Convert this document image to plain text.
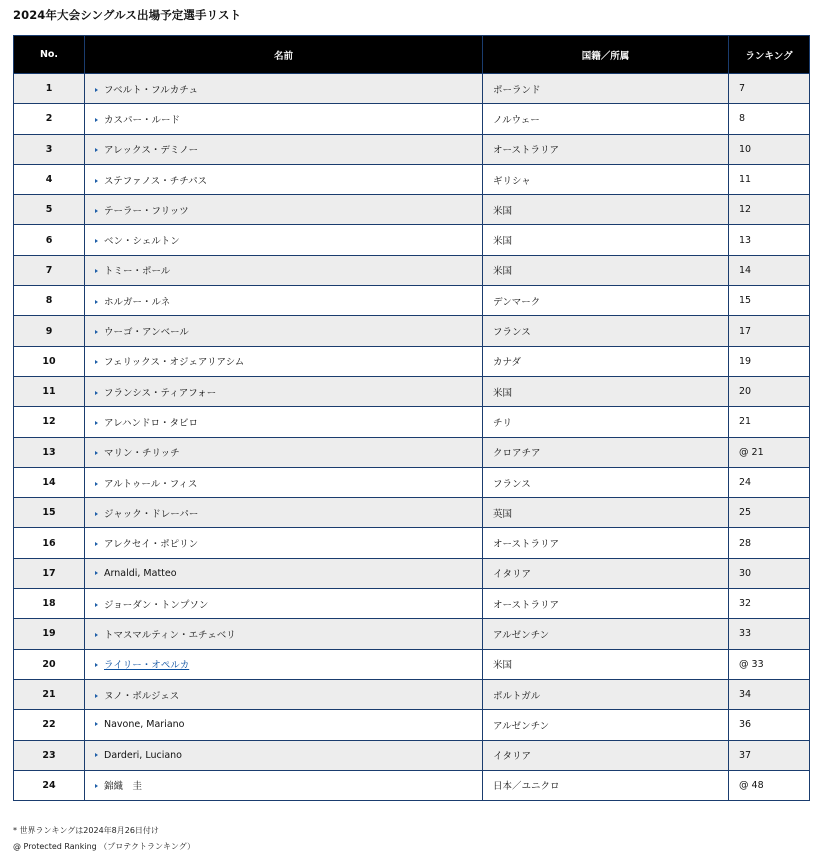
2024年大会シングルス出場予定選手リスト
No.	名前	国籍／所属	ランキング
1	フベルト・フルカチュ	ポーランド	7
2	カスパー・ルード	ノルウェー	8
3	アレックス・デミノー	オーストラリア	10
4	ステファノス・チチパス	ギリシャ	11
5	テーラー・フリッツ	米国	12
6	ベン・シェルトン	米国	13
7	トミー・ポール	米国	14
8	ホルガー・ルネ	デンマーク	15
9	ウーゴ・アンベール	フランス	17
10	フェリックス・オジェアリアシム	カナダ	19
11	フランシス・ティアフォー	米国	20
12	アレハンドロ・タビロ	チリ	21
13	マリン・チリッチ	クロアチア	@ 21
14	アルトゥール・フィス	フランス	24
15	ジャック・ドレーパー	英国	25
16	アレクセイ・ポピリン	オーストラリア	28
17	Arnaldi, Matteo	イタリア	30
18	ジョーダン・トンプソン	オーストラリア	32
19	トマスマルティン・エチェベリ	アルゼンチン	33
20	ライリー・オペルカ	米国	@ 33
21	ヌノ・ボルジェス	ポルトガル	34
22	Navone, Mariano	アルゼンチン	36
23	Darderi, Luciano	イタリア	37
24	錦織　圭	日本／ユニクロ	@ 48
* 世界ランキングは2024年8月26日付け
@ Protected Ranking （プロテクトランキング）
